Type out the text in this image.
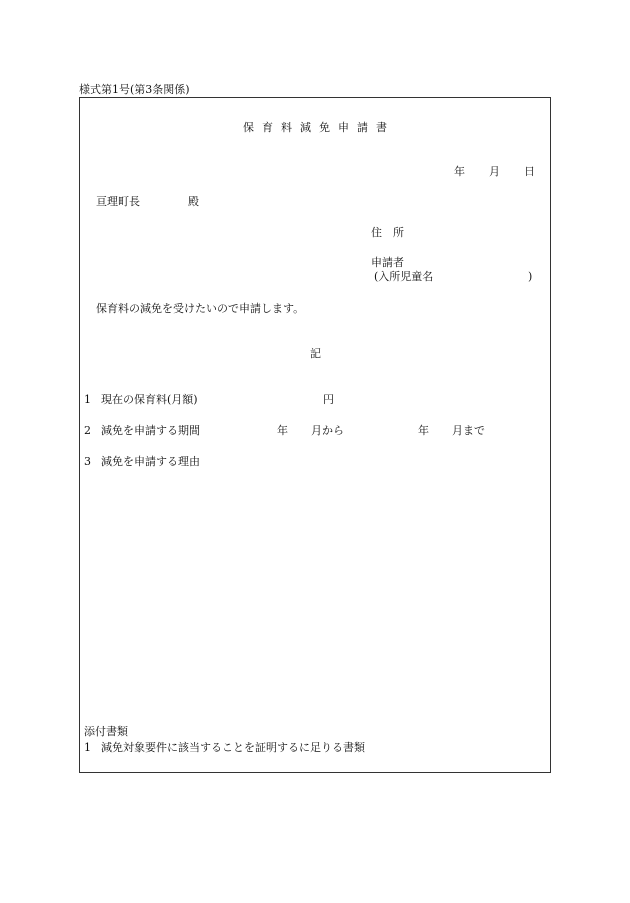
様式第1号(第3条関係)
保 育 料 減 免 申 請 書
年 月 日
亘理町長	殿
住　所
申請者
(入所児童名	)
保育料の減免を受けたいので申請します。
記
1 現在の保育料(月額)	円
2 減免を申請する期間	年 月から	年 月まで
3 減免を申請する理由
添付書類
1 減免対象要件に該当することを証明するに足りる書類
